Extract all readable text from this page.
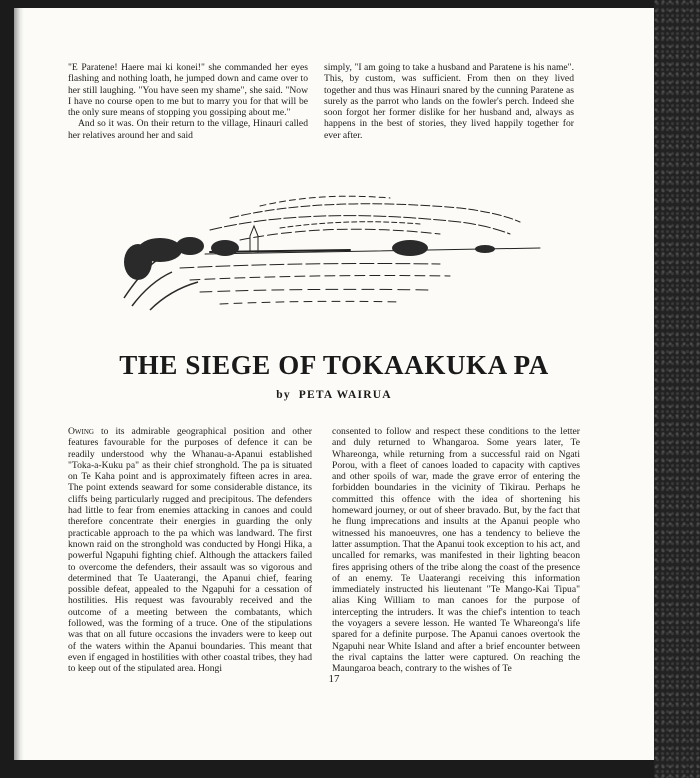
"E Paratene! Haere mai ki konei!" she commanded her eyes flashing and nothing loath, he jumped down and came over to her still laughing. "You have seen my shame", she said. "Now I have no course open to me but to marry you for that will be the only sure means of stopping you gossiping about me."

And so it was. On their return to the village, Hinauri called her relatives around her and said

simply, "I am going to take a husband and Paratene is his name". This, by custom, was sufficient. From then on they lived together and thus was Hinauri snared by the cunning Paratene as surely as the parrot who lands on the fowler's perch. Indeed she soon forgot her former dislike for her husband and, always as happens in the best of stories, they lived happily together for ever after.

THE SIEGE OF TOKAAKUKA PA
by PETA WAIRUA

Owing to its admirable geographical position and other features favourable for the purposes of defence it can be readily understood why the Whanau-a-Apanui established "Toka-a-Kuku pa" as their chief stronghold. The pa is situated on Te Kaha point and is approximately fifteen acres in area. The point extends seaward for some considerable distance, its cliffs being particularly rugged and precipitous. The defenders had little to fear from enemies attacking in canoes and could therefore concentrate their energies in guarding the only practicable approach to the pa which was landward. The first known raid on the stronghold was conducted by Hongi Hika, a powerful Ngapuhi fighting chief. Although the attackers failed to overcome the defenders, their assault was so vigorous and determined that Te Uaaterangi, the Apanui chief, fearing possible defeat, appealed to the Ngapuhi for a cessation of hostilities. His request was favourably received and the outcome of a meeting between the combatants, which followed, was the forming of a truce. One of the stipulations was that on all future occasions the invaders were to keep out of the waters within the Apanui boundaries. This meant that even if engaged in hostilities with other coastal tribes, they had to keep out of the stipulated area. Hongi

consented to follow and respect these conditions to the letter and duly returned to Whangaroa. Some years later, Te Whareonga, while returning from a successful raid on Ngati Porou, with a fleet of canoes loaded to capacity with captives and other spoils of war, made the grave error of entering the forbidden boundaries in the vicinity of Tikirau. Perhaps he committed this offence with the idea of shortening his homeward journey, or out of sheer bravado. But, by the fact that he flung imprecations and insults at the Apanui people who witnessed his manoeuvres, one has a tendency to believe the latter assumption. That the Apanui took exception to his act, and uncalled for remarks, was manifested in their lighting beacon fires apprising others of the tribe along the coast of the presence of an enemy. Te Uaaterangi receiving this information immediately instructed his lieutenant "Te Mango-Kai Tipua" alias King William to man canoes for the purpose of intercepting the intruders. It was the chief's intention to teach the voyagers a severe lesson. He wanted Te Whareonga's life spared for a definite purpose. The Apanui canoes overtook the Ngapuhi near White Island and after a brief encounter between the rival captains the latter were captured. On reaching the Maungaroa beach, contrary to the wishes of Te

17
